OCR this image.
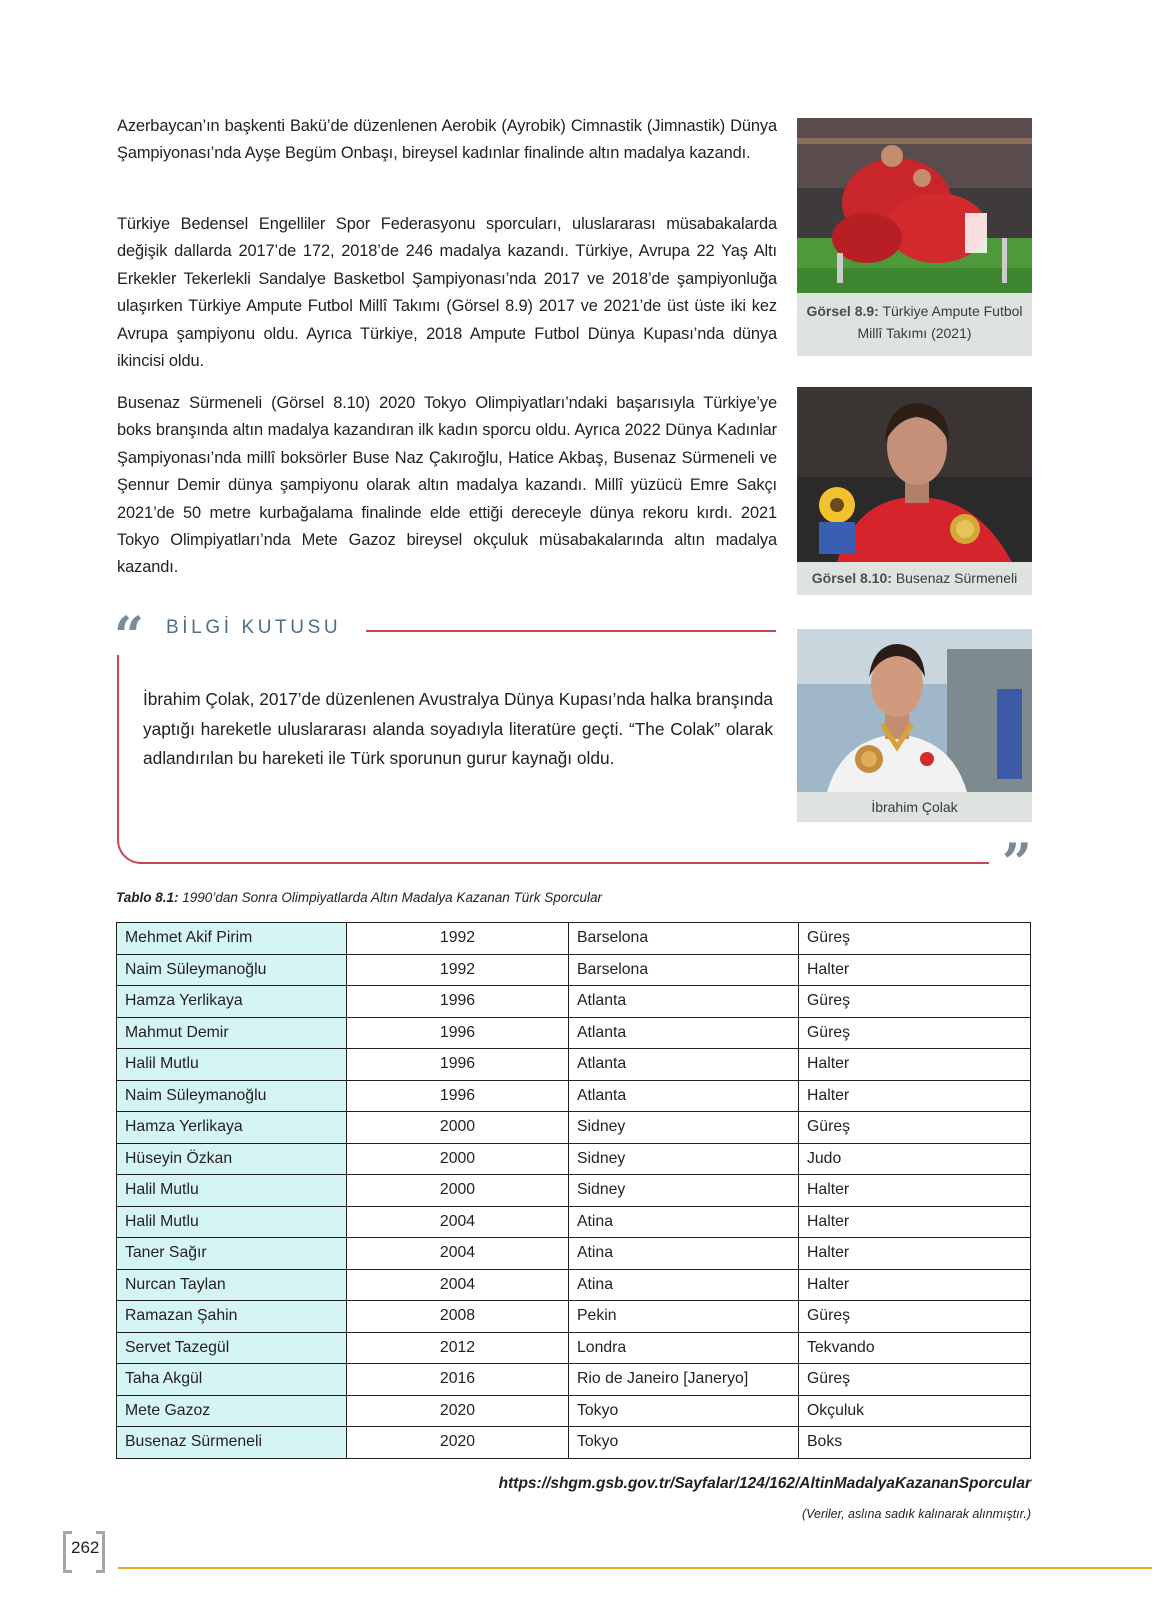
Azerbaycan’ın başkenti Bakü’de düzenlenen Aerobik (Ayrobik) Cimnastik (Jimnastik) Dünya Şampiyonası’nda Ayşe Begüm Onbaşı, bireysel kadınlar finalinde altın madalya kazandı.

Türkiye Bedensel Engelliler Spor Federasyonu sporcuları, uluslararası müsabakalarda değişik dallarda 2017’de 172, 2018’de 246 madalya kazandı. Türkiye, Avrupa 22 Yaş Altı Erkekler Tekerlekli Sandalye Basketbol Şampiyonası’nda 2017 ve 2018’de şampiyonluğa ulaşırken Türkiye Ampute Futbol Millî Takımı (Görsel 8.9) 2017 ve 2021’de üst üste iki kez Avrupa şampiyonu oldu. Ayrıca Türkiye, 2018 Ampute Futbol Dünya Kupası’nda dünya ikincisi oldu.

Busenaz Sürmeneli (Görsel 8.10) 2020 Tokyo Olimpiyatları’ndaki başarısıyla Türkiye’ye boks branşında altın madalya kazandıran ilk kadın sporcu oldu. Ayrıca 2022 Dünya Kadınlar Şampiyonası’nda millî boksörler Buse Naz Çakıroğlu, Hatice Akbaş, Busenaz Sürmeneli ve Şennur Demir dünya şampiyonu olarak altın madalya kazandı. Millî yüzücü Emre Sakçı 2021’de 50 metre kurbağalama finalinde elde ettiği dereceyle dünya rekoru kırdı. 2021 Tokyo Olimpiyatları’nda Mete Gazoz bireysel okçuluk müsabakalarında altın madalya kazandı.

Görsel 8.9: Türkiye Ampute Futbol Millî Takımı (2021)
Görsel 8.10: Busenaz Sürmeneli
İbrahim Çolak
“ BİLGİ KUTUSU

İbrahim Çolak, 2017’de düzenlenen Avustralya Dünya Kupası’nda halka branşında yaptığı hareketle uluslararası alanda soyadıyla literatüre geçti. “The Colak” olarak adlandırılan bu hareketi ile Türk sporunun gurur kaynağı oldu.

”
Tablo 8.1: 1990’dan Sonra Olimpiyatlarda Altın Madalya Kazanan Türk Sporcular
Mehmet Akif Pirim	1992	Barselona	Güreş
Naim Süleymanoğlu	1992	Barselona	Halter
Hamza Yerlikaya	1996	Atlanta	Güreş
Mahmut Demir	1996	Atlanta	Güreş
Halil Mutlu	1996	Atlanta	Halter
Naim Süleymanoğlu	1996	Atlanta	Halter
Hamza Yerlikaya	2000	Sidney	Güreş
Hüseyin Özkan	2000	Sidney	Judo
Halil Mutlu	2000	Sidney	Halter
Halil Mutlu	2004	Atina	Halter
Taner Sağır	2004	Atina	Halter
Nurcan Taylan	2004	Atina	Halter
Ramazan Şahin	2008	Pekin	Güreş
Servet Tazegül	2012	Londra	Tekvando
Taha Akgül	2016	Rio de Janeiro [Janeryo]	Güreş
Mete Gazoz	2020	Tokyo	Okçuluk
Busenaz Sürmeneli	2020	Tokyo	Boks
https://shgm.gsb.gov.tr/Sayfalar/124/162/AltinMadalyaKazananSporcular
(Veriler, aslına sadık kalınarak alınmıştır.)
262
